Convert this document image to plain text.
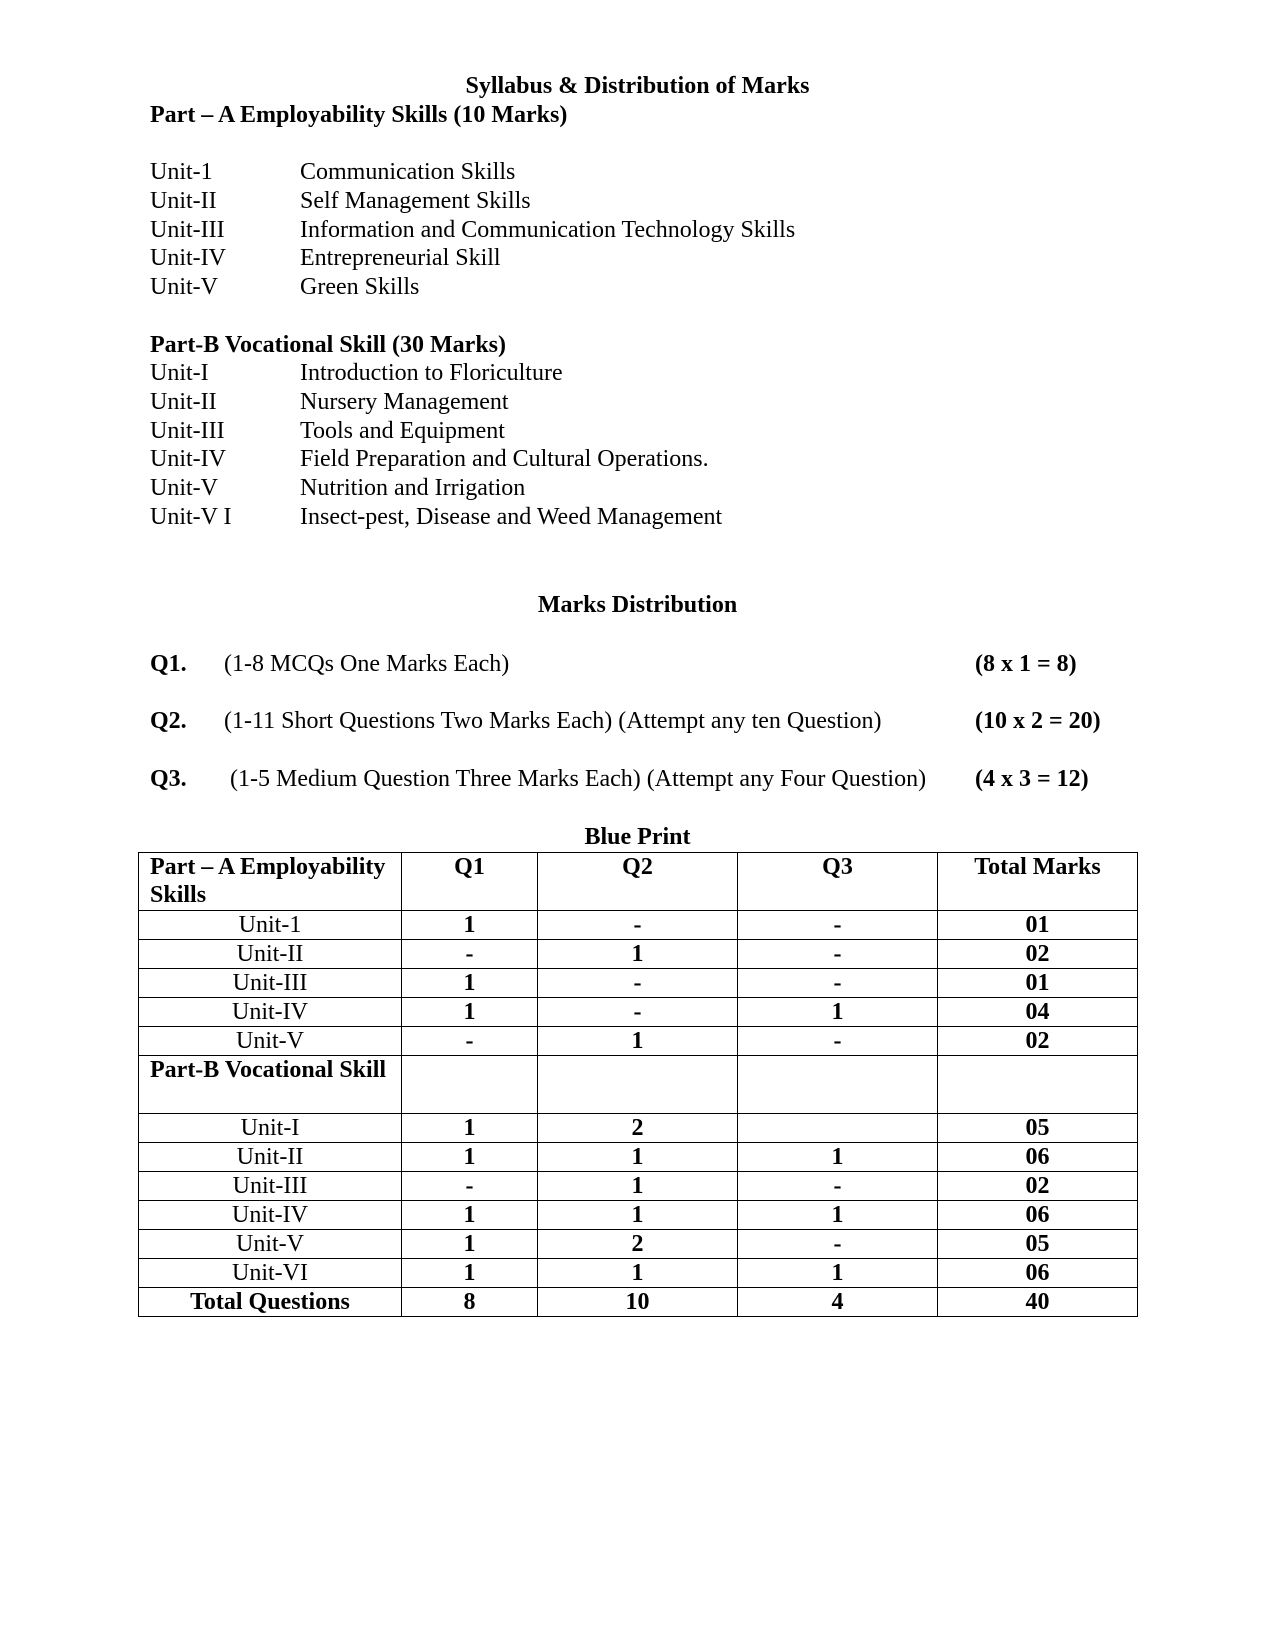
Syllabus & Distribution of Marks
Part – A Employability Skills (10 Marks)
Unit-1	Communication Skills
Unit-II	Self Management Skills
Unit-III	Information and Communication Technology Skills
Unit-IV	Entrepreneurial Skill
Unit-V	Green Skills
Part-B Vocational Skill (30 Marks)
Unit-I	Introduction to Floriculture
Unit-II	Nursery Management
Unit-III	Tools and Equipment
Unit-IV	Field Preparation and Cultural Operations.
Unit-V	Nutrition and Irrigation
Unit-V I	Insect-pest, Disease and Weed Management
Marks Distribution
Q1. (1-8 MCQs One Marks Each)	(8 x 1 = 8)
Q2. (1-11 Short Questions Two Marks Each) (Attempt any ten Question)	(10 x 2 = 20)
Q3. (1-5 Medium Question Three Marks Each) (Attempt any Four Question) (4 x 3 = 12)
Blue Print
Part – A Employability Skills	Q1	Q2	Q3	Total Marks
Unit-1	1	-	-	01
Unit-II	-	1	-	02
Unit-III	1	-	-	01
Unit-IV	1	-	1	04
Unit-V	-	1	-	02
Part-B Vocational Skill				
Unit-I	1	2		05
Unit-II	1	1	1	06
Unit-III	-	1	-	02
Unit-IV	1	1	1	06
Unit-V	1	2	-	05
Unit-VI	1	1	1	06
Total Questions	8	10	4	40
